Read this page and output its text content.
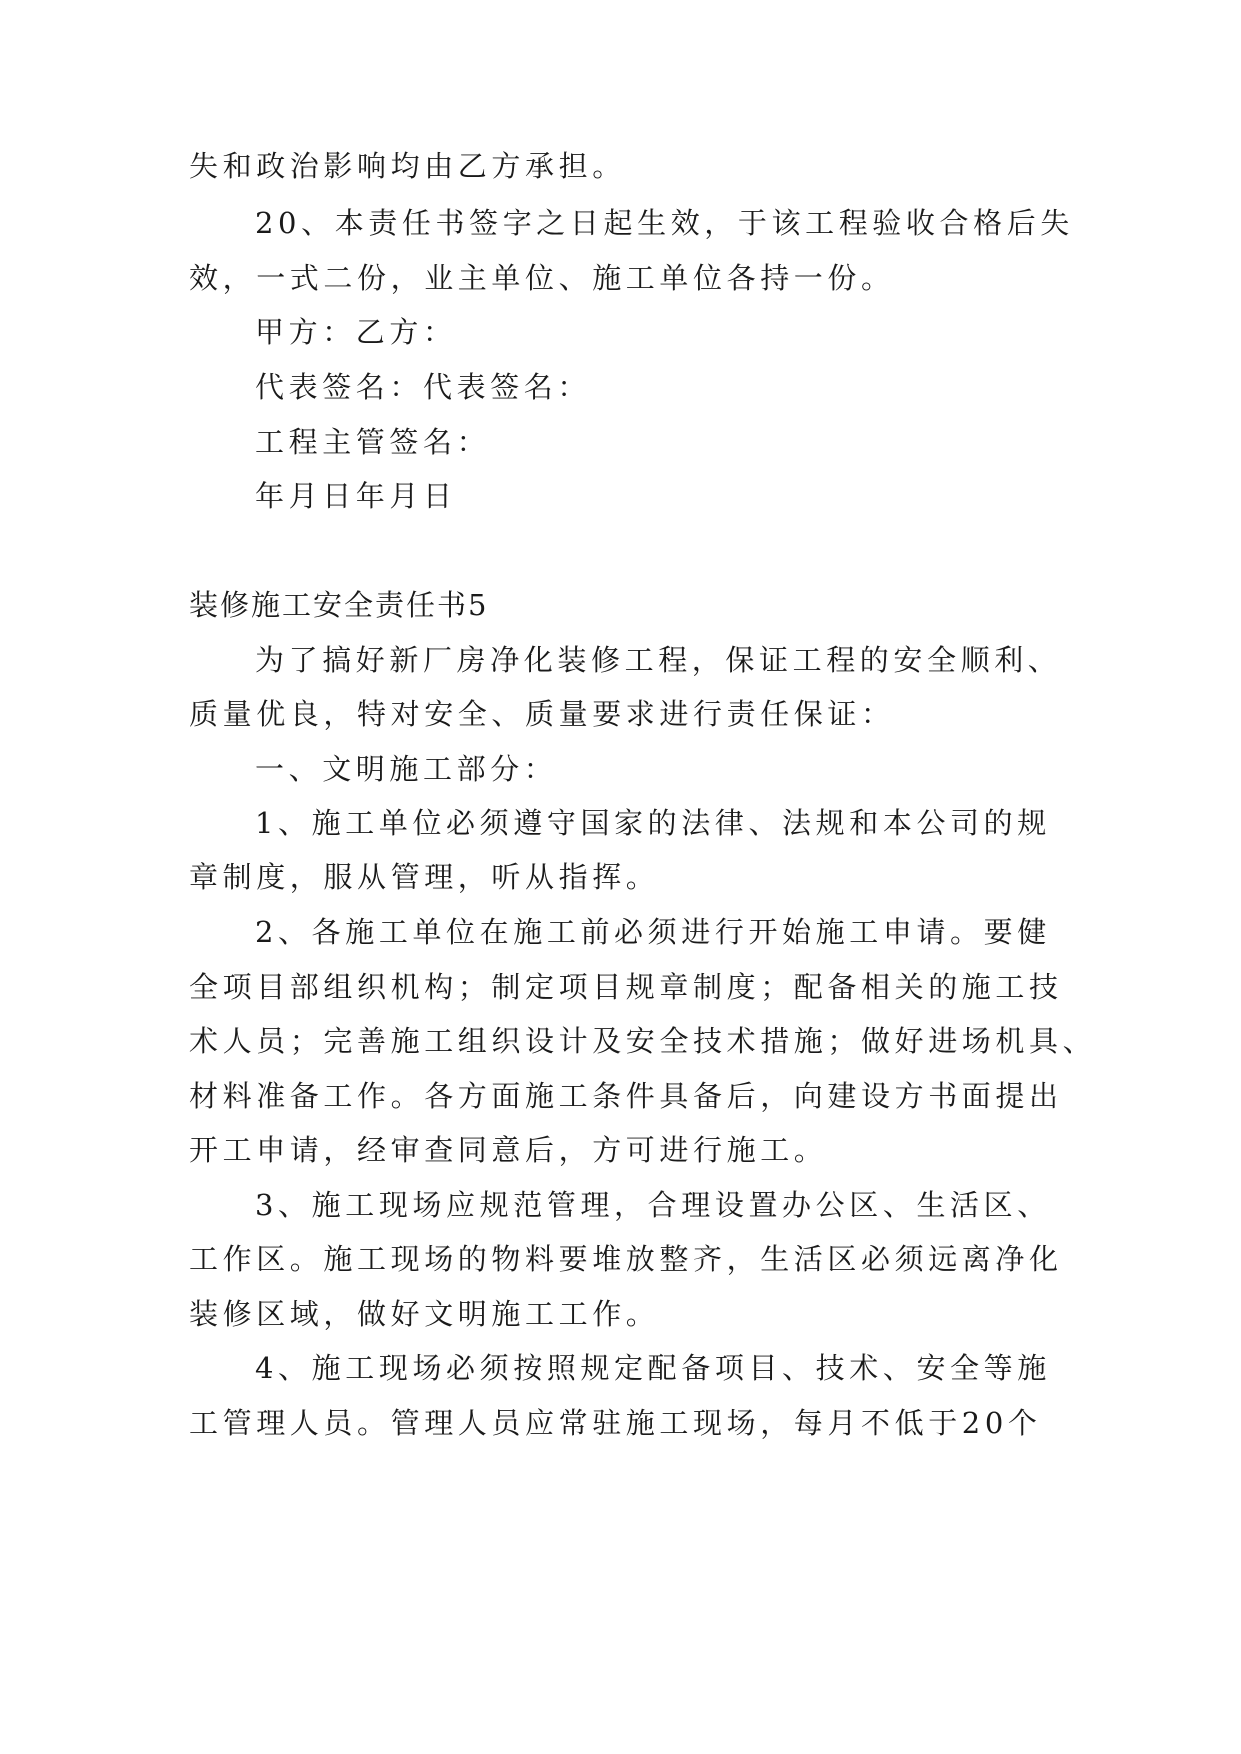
失和政治影响均由乙方承担。
20、本责任书签字之日起生效，于该工程验收合格后失
效，一式二份，业主单位、施工单位各持一份。
甲方：乙方：
代表签名：代表签名：
工程主管签名：
年月日年月日
装修施工安全责任书5
为了搞好新厂房净化装修工程，保证工程的安全顺利、
质量优良，特对安全、质量要求进行责任保证：
一、文明施工部分：
1、施工单位必须遵守国家的法律、法规和本公司的规
章制度，服从管理，听从指挥。
2、各施工单位在施工前必须进行开始施工申请。要健
全项目部组织机构；制定项目规章制度；配备相关的施工技
术人员；完善施工组织设计及安全技术措施；做好进场机具、
材料准备工作。各方面施工条件具备后，向建设方书面提出
开工申请，经审查同意后，方可进行施工。
3、施工现场应规范管理，合理设置办公区、生活区、
工作区。施工现场的物料要堆放整齐，生活区必须远离净化
装修区域，做好文明施工工作。
4、施工现场必须按照规定配备项目、技术、安全等施
工管理人员。管理人员应常驻施工现场，每月不低于20个
